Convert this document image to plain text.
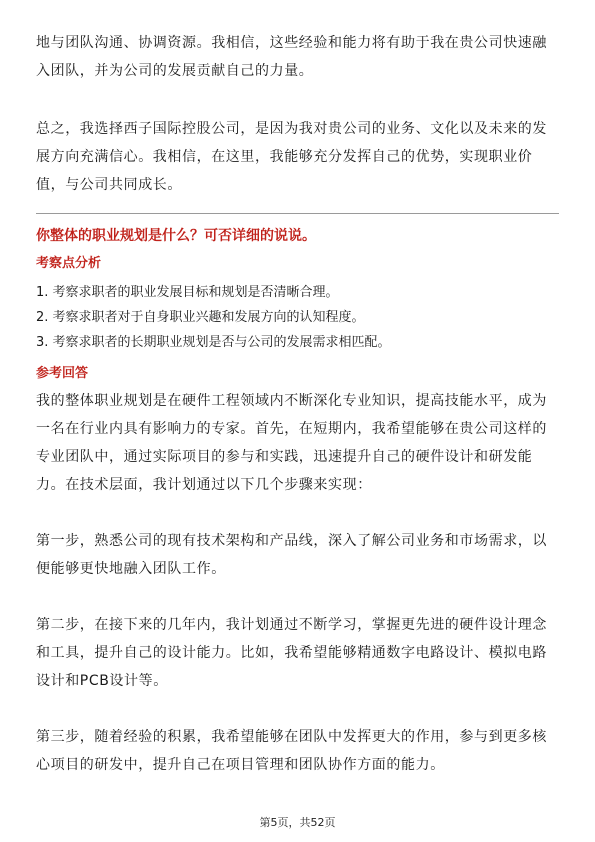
地与团队沟通、协调资源。我相信，这些经验和能力将有助于我在贵公司快速融入团队，并为公司的发展贡献自己的力量。

总之，我选择西子国际控股公司，是因为我对贵公司的业务、文化以及未来的发展方向充满信心。我相信，在这里，我能够充分发挥自己的优势，实现职业价值，与公司共同成长。

你整体的职业规划是什么？可否详细的说说。

考察点分析

1. 考察求职者的职业发展目标和规划是否清晰合理。

2. 考察求职者对于自身职业兴趣和发展方向的认知程度。

3. 考察求职者的长期职业规划是否与公司的发展需求相匹配。

参考回答

我的整体职业规划是在硬件工程领域内不断深化专业知识，提高技能水平，成为一名在行业内具有影响力的专家。首先，在短期内，我希望能够在贵公司这样的专业团队中，通过实际项目的参与和实践，迅速提升自己的硬件设计和研发能力。在技术层面，我计划通过以下几个步骤来实现：

第一步，熟悉公司的现有技术架构和产品线，深入了解公司业务和市场需求，以便能够更快地融入团队工作。

第二步，在接下来的几年内，我计划通过不断学习，掌握更先进的硬件设计理念和工具，提升自己的设计能力。比如，我希望能够精通数字电路设计、模拟电路设计和PCB设计等。

第三步，随着经验的积累，我希望能够在团队中发挥更大的作用，参与到更多核心项目的研发中，提升自己在项目管理和团队协作方面的能力。

第5页，共52页
